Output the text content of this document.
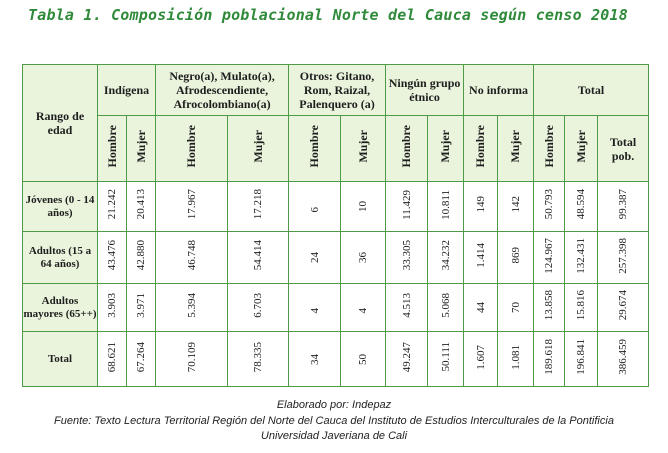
Tabla 1. Composición poblacional Norte del Cauca según censo 2018
Rango de edad	Indígena		Negro(a), Mulato(a), Afrodescendiente, Afrocolombiano(a)		Otros: Gitano, Rom, Raizal, Palenquero (a)		Ningún grupo étnico		No informa		Total		
	Hombre	Mujer	Hombre	Mujer	Hombre	Mujer	Hombre	Mujer	Hombre	Mujer	Hombre	Mujer	Total pob.
Jóvenes (0 - 14 años)	21.242	20.413	17.967	17.218	6	10	11.429	10.811	149	142	50.793	48.594	99.387
Adultos (15 a 64 años)	43.476	42.880	46.748	54.414	24	36	33.305	34.232	1.414	869	124.967	132.431	257.398
Adultos mayores (65++)	3.903	3.971	5.394	6.703	4	4	4.513	5.068	44	70	13.858	15.816	29.674
Total	68.621	67.264	70.109	78.335	34	50	49.247	50.111	1.607	1.081	189.618	196.841	386.459
Elaborado por: Indepaz
Fuente: Texto Lectura Territorial Región del Norte del Cauca del Instituto de Estudios Interculturales de la Pontificia
Universidad Javeriana de Cali
